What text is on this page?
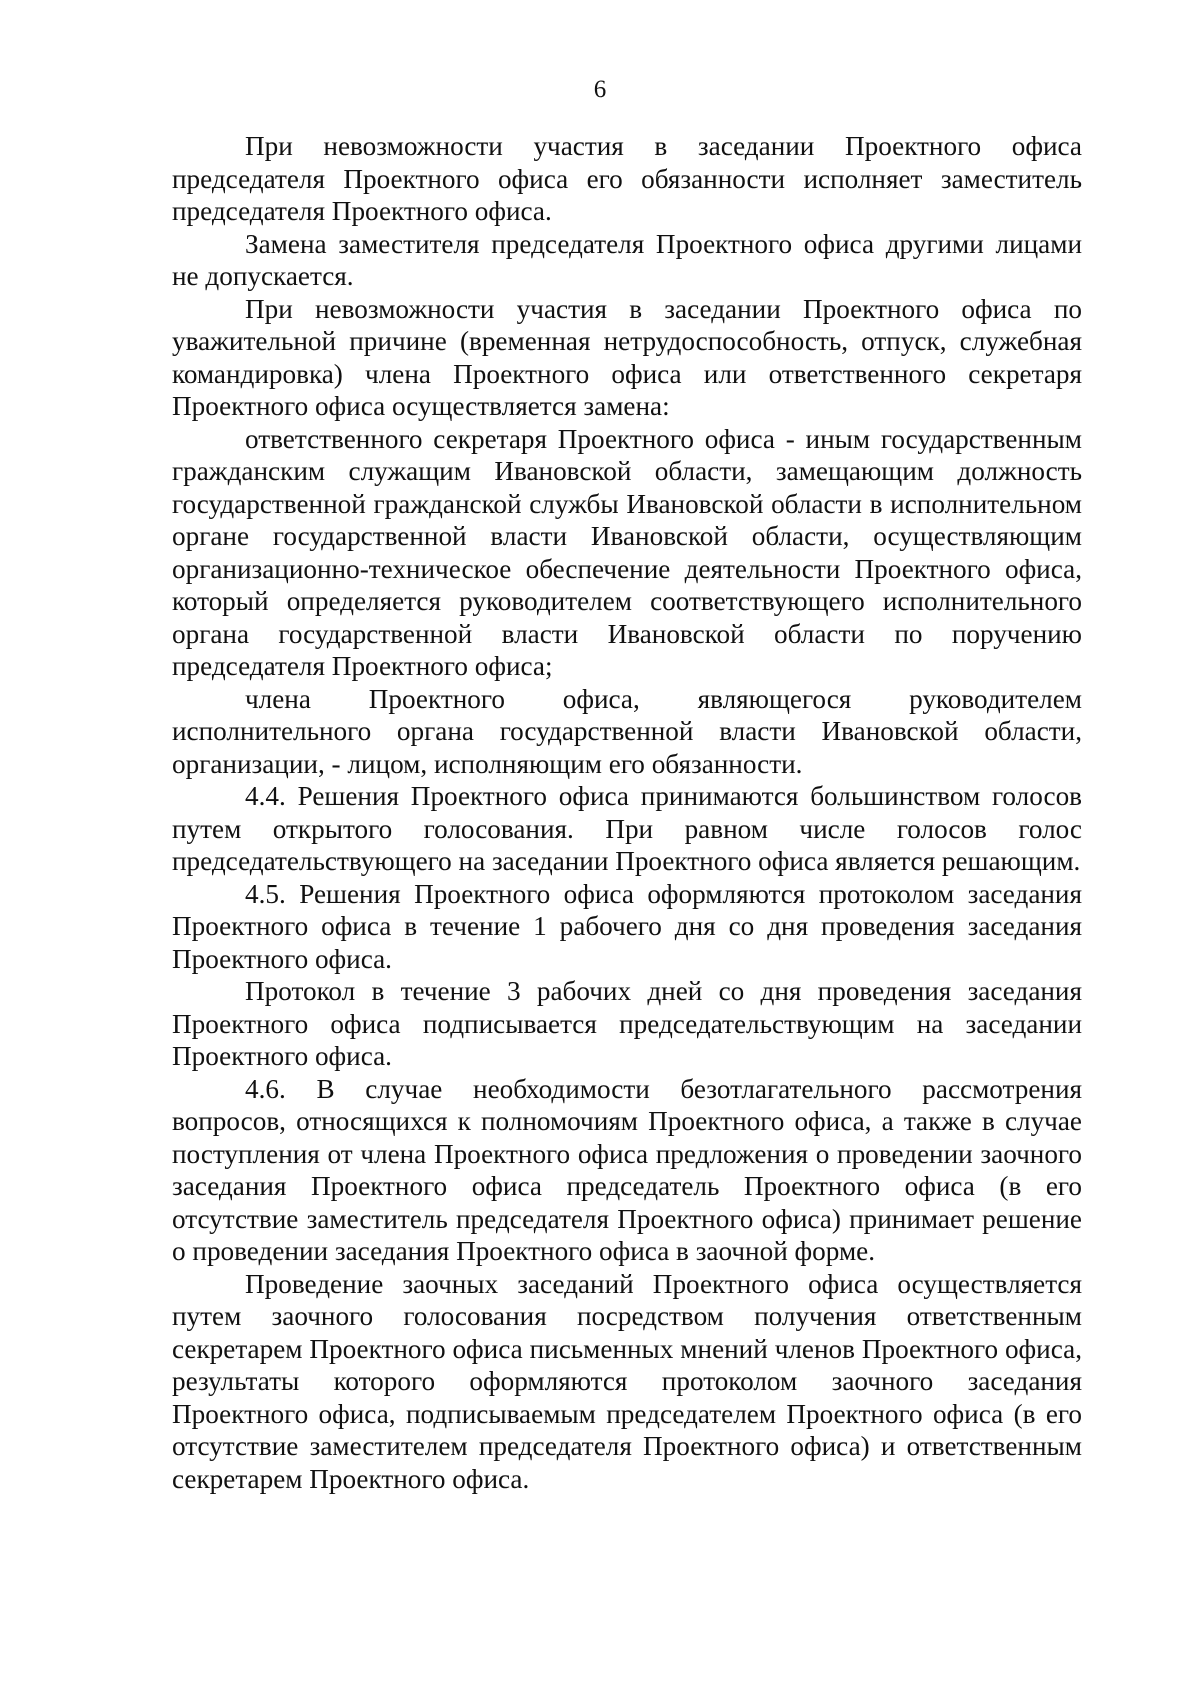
6

При невозможности участия в заседании Проектного офиса председателя Проектного офиса его обязанности исполняет заместитель председателя Проектного офиса.

Замена заместителя председателя Проектного офиса другими лицами не допускается.

При невозможности участия в заседании Проектного офиса по уважительной причине (временная нетрудоспособность, отпуск, служебная командировка) члена Проектного офиса или ответственного секретаря Проектного офиса осуществляется замена:

ответственного секретаря Проектного офиса - иным государственным гражданским служащим Ивановской области, замещающим должность государственной гражданской службы Ивановской области в исполнительном органе государственной власти Ивановской области, осуществляющим организационно-техническое обеспечение деятельности Проектного офиса, который определяется руководителем соответствующего исполнительного органа государственной власти Ивановской области по поручению председателя Проектного офиса;

члена Проектного офиса, являющегося руководителем исполнительного органа государственной власти Ивановской области, организации, - лицом, исполняющим его обязанности.

4.4. Решения Проектного офиса принимаются большинством голосов путем открытого голосования. При равном числе голосов голос председательствующего на заседании Проектного офиса является решающим.

4.5. Решения Проектного офиса оформляются протоколом заседания Проектного офиса в течение 1 рабочего дня со дня проведения заседания Проектного офиса.

Протокол в течение 3 рабочих дней со дня проведения заседания Проектного офиса подписывается председательствующим на заседании Проектного офиса.

4.6. В случае необходимости безотлагательного рассмотрения вопросов, относящихся к полномочиям Проектного офиса, а также в случае поступления от члена Проектного офиса предложения о проведении заочного заседания Проектного офиса председатель Проектного офиса (в его отсутствие заместитель председателя Проектного офиса) принимает решение о проведении заседания Проектного офиса в заочной форме.

Проведение заочных заседаний Проектного офиса осуществляется путем заочного голосования посредством получения ответственным секретарем Проектного офиса письменных мнений членов Проектного офиса, результаты которого оформляются протоколом заочного заседания Проектного офиса, подписываемым председателем Проектного офиса (в его отсутствие заместителем председателя Проектного офиса) и ответственным секретарем Проектного офиса.
